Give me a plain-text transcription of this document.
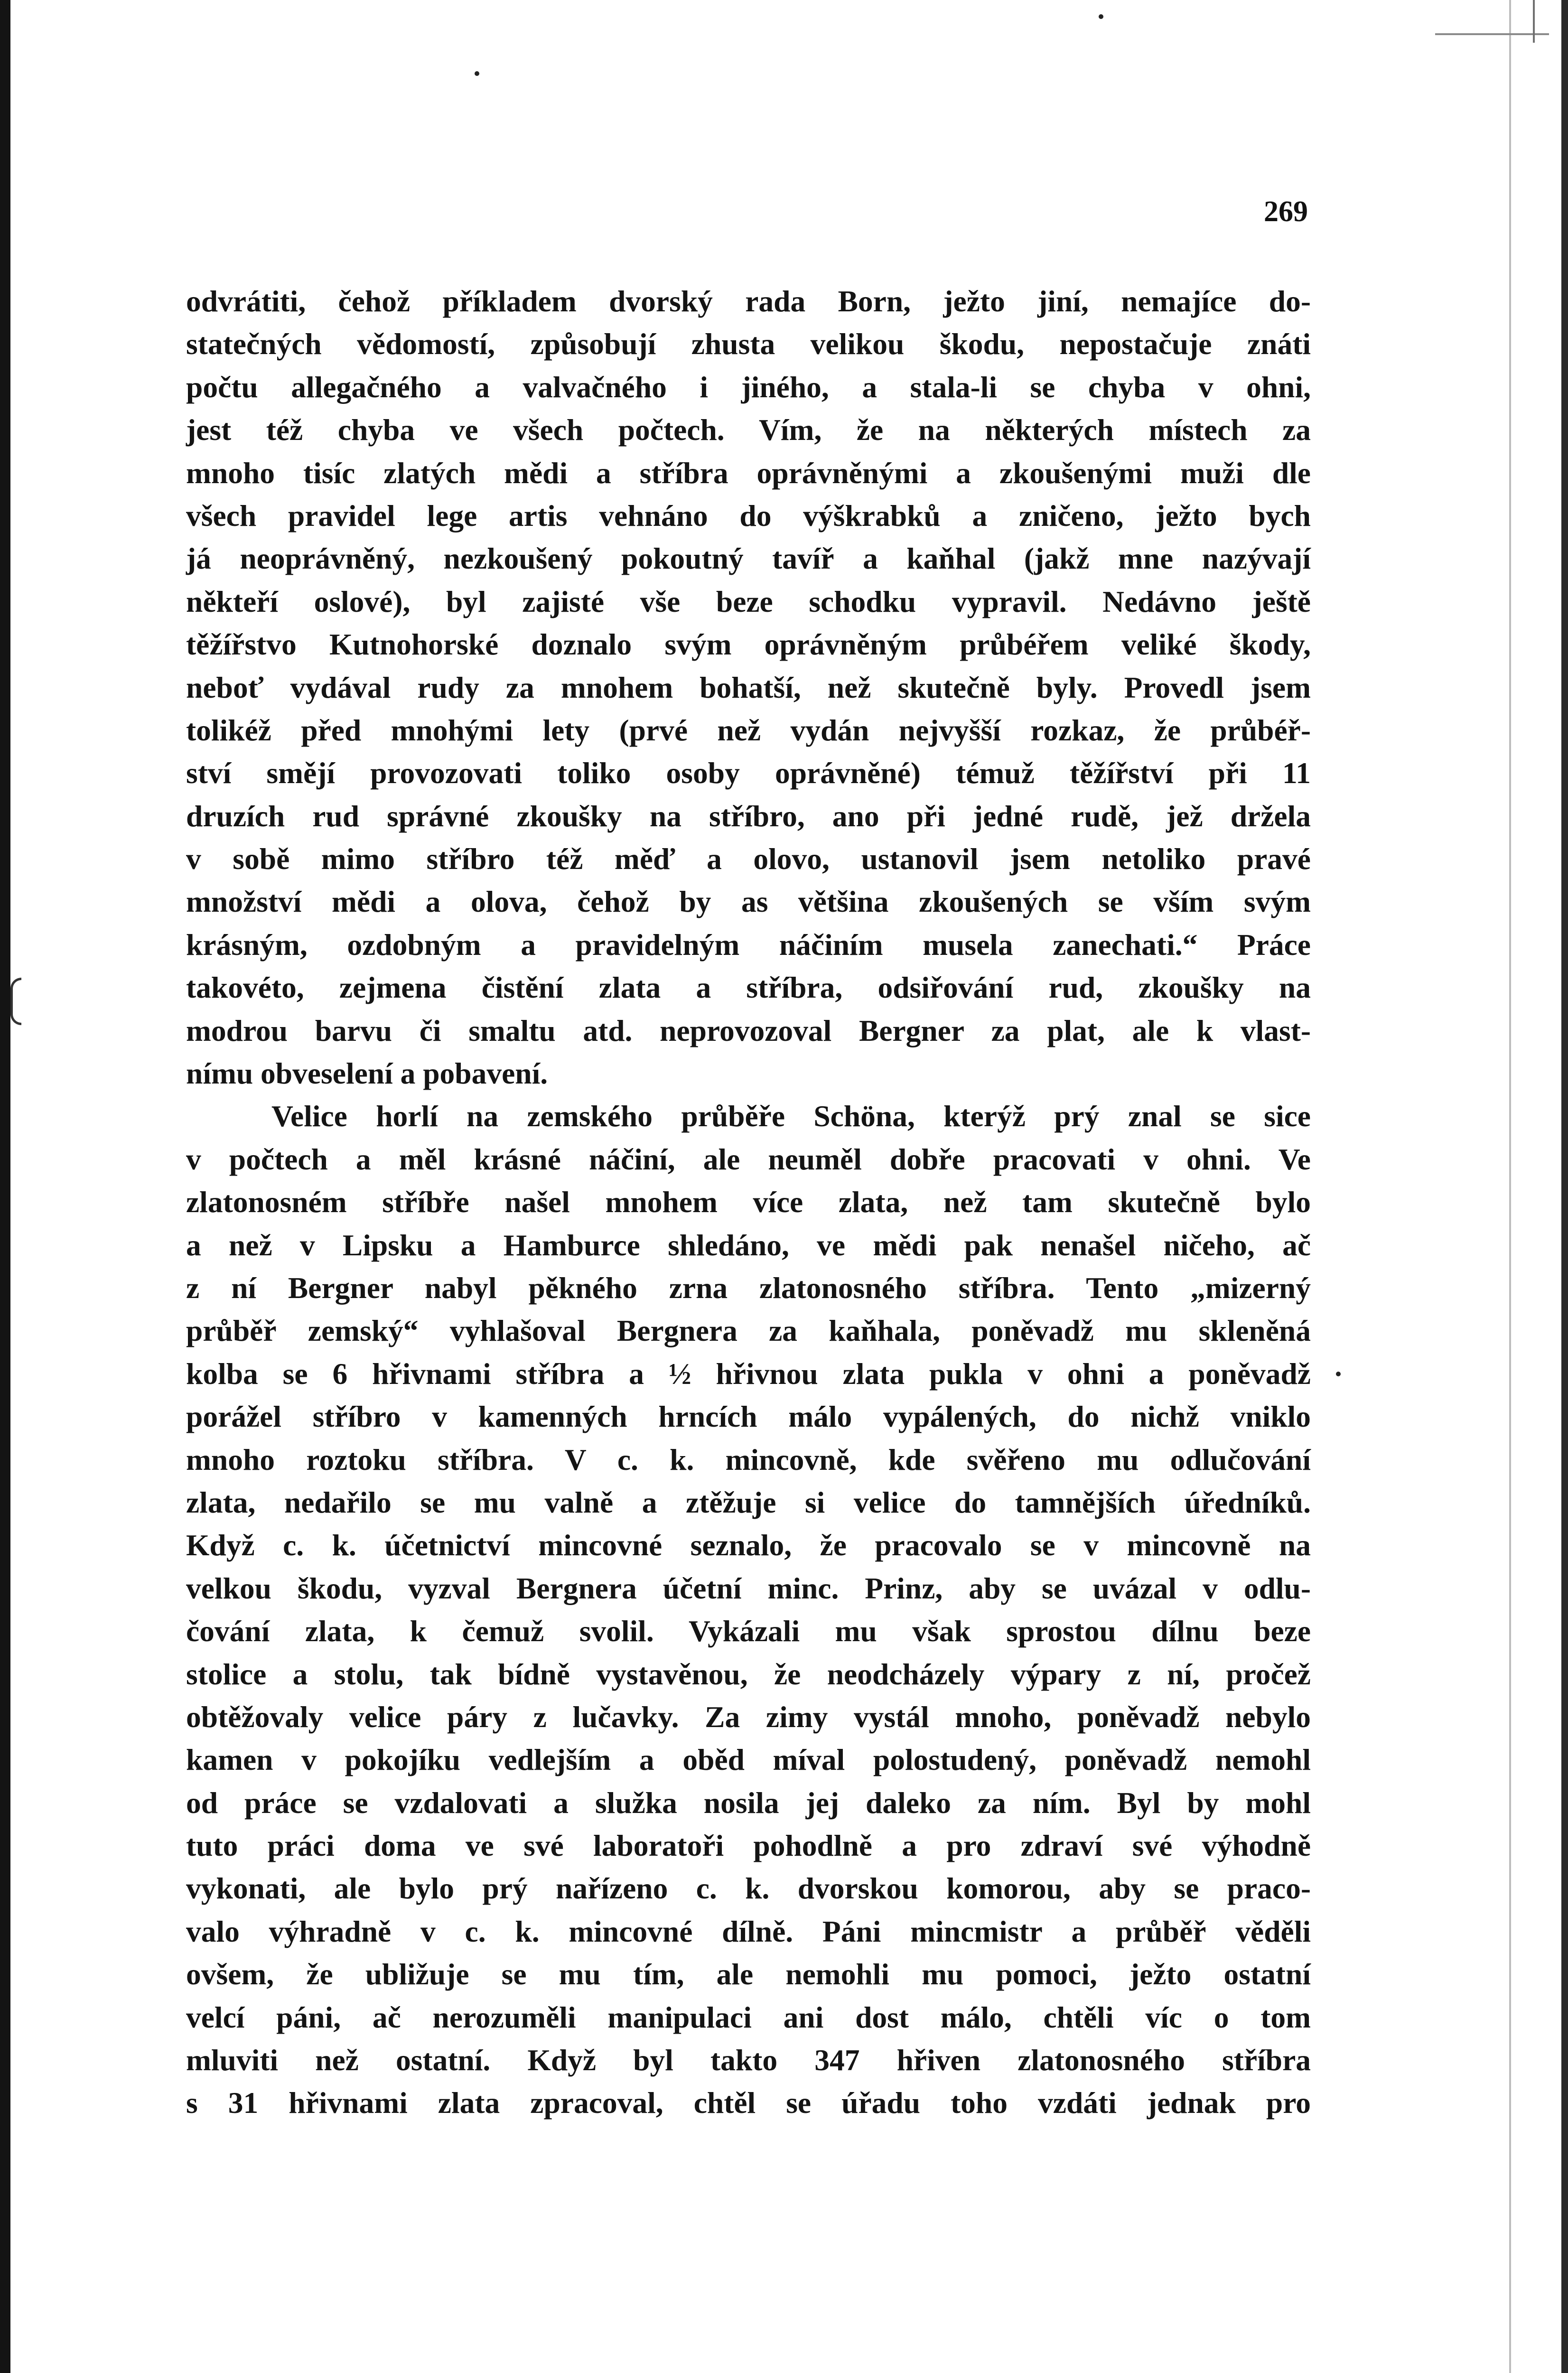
269
odvrátiti, čehož příkladem dvorský rada Born, ježto jiní, nemajíce do-
statečných vědomostí, způsobují zhusta velikou škodu, nepostačuje znáti
počtu allegačného a valvačného i jiného, a stala-li se chyba v ohni,
jest též chyba ve všech počtech. Vím, že na některých místech za
mnoho tisíc zlatých mědi a stříbra oprávněnými a zkoušenými muži dle
všech pravidel lege artis vehnáno do výškrabků a zničeno, ježto bych
já neoprávněný, nezkoušený pokoutný tavíř a kaňhal (jakž mne nazývají
někteří oslové), byl zajisté vše beze schodku vypravil. Nedávno ještě
těžířstvo Kutnohorské doznalo svým oprávněným průbéřem veliké škody,
neboť vydával rudy za mnohem bohatší, než skutečně byly. Provedl jsem
tolikéž před mnohými lety (prvé než vydán nejvyšší rozkaz, že průbéř-
ství smějí provozovati toliko osoby oprávněné) témuž těžířství při 11
druzích rud správné zkoušky na stříbro, ano při jedné rudě, jež držela
v sobě mimo stříbro též měď a olovo, ustanovil jsem netoliko pravé
množství mědi a olova, čehož by as většina zkoušených se vším svým
krásným, ozdobným a pravidelným náčiním musela zanechati.“ Práce
takovéto, zejmena čistění zlata a stříbra, odsiřování rud, zkoušky na
modrou barvu či smaltu atd. neprovozoval Bergner za plat, ale k vlast-
nímu obveselení a pobavení.
Velice horlí na zemského průběře Schöna, kterýž prý znal se sice
v počtech a měl krásné náčiní, ale neuměl dobře pracovati v ohni. Ve
zlatonosném stříbře našel mnohem více zlata, než tam skutečně bylo
a než v Lipsku a Hamburce shledáno, ve mědi pak nenašel ničeho, ač
z ní Bergner nabyl pěkného zrna zlatonosného stříbra. Tento „mizerný
průběř zemský“ vyhlašoval Bergnera za kaňhala, poněvadž mu skleněná
kolba se 6 hřivnami stříbra a ½ hřivnou zlata pukla v ohni a poněvadž
porážel stříbro v kamenných hrncích málo vypálených, do nichž vniklo
mnoho roztoku stříbra. V c. k. mincovně, kde svěřeno mu odlučování
zlata, nedařilo se mu valně a ztěžuje si velice do tamnějších úředníků.
Když c. k. účetnictví mincovné seznalo, že pracovalo se v mincovně na
velkou škodu, vyzval Bergnera účetní minc. Prinz, aby se uvázal v odlu-
čování zlata, k čemuž svolil. Vykázali mu však sprostou dílnu beze
stolice a stolu, tak bídně vystavěnou, že neodcházely výpary z ní, pročež
obtěžovaly velice páry z lučavky. Za zimy vystál mnoho, poněvadž nebylo
kamen v pokojíku vedlejším a oběd míval polostudený, poněvadž nemohl
od práce se vzdalovati a služka nosila jej daleko za ním. Byl by mohl
tuto práci doma ve své laboratoři pohodlně a pro zdraví své výhodně
vykonati, ale bylo prý nařízeno c. k. dvorskou komorou, aby se praco-
valo výhradně v c. k. mincovné dílně. Páni mincmistr a průběř věděli
ovšem, že ubližuje se mu tím, ale nemohli mu pomoci, ježto ostatní
velcí páni, ač nerozuměli manipulaci ani dost málo, chtěli víc o tom
mluviti než ostatní. Když byl takto 347 hřiven zlatonosného stříbra
s 31 hřivnami zlata zpracoval, chtěl se úřadu toho vzdáti jednak pro
